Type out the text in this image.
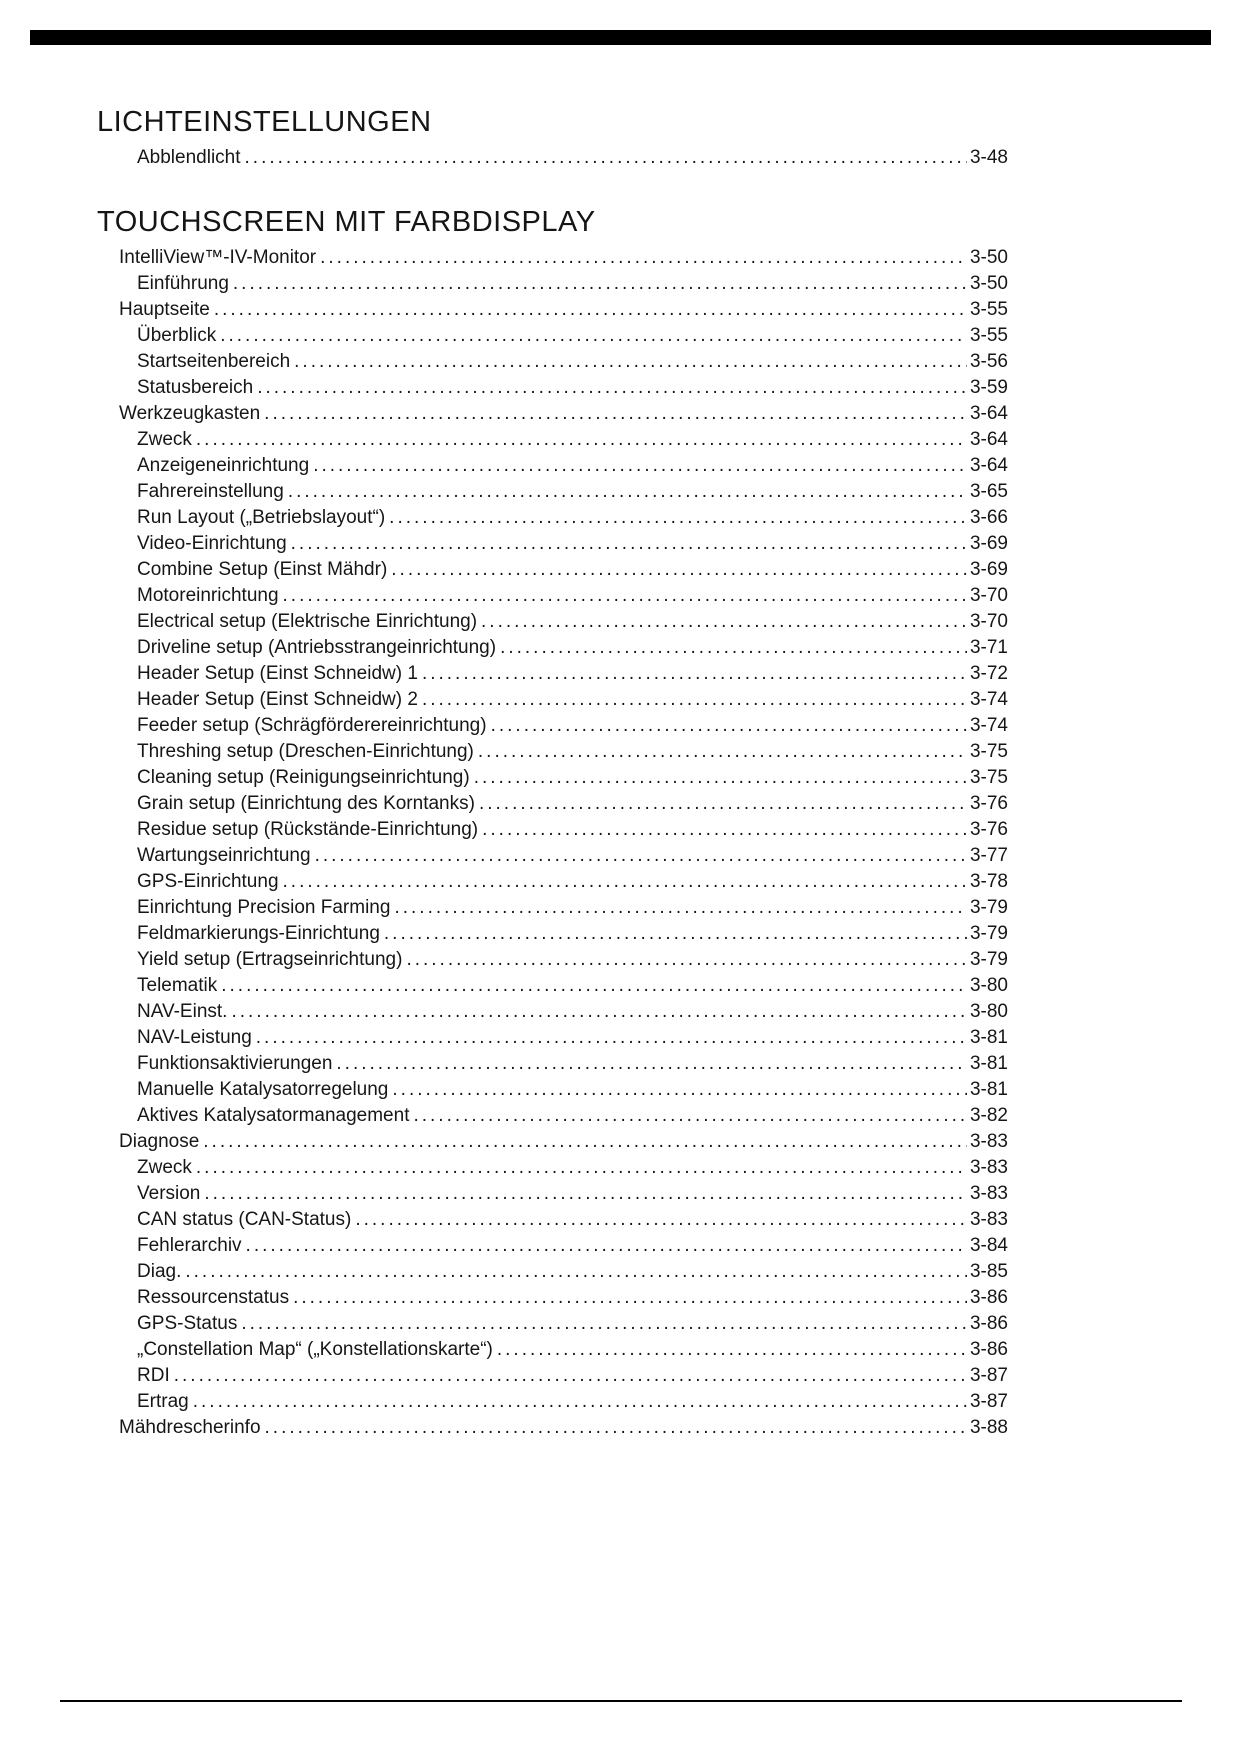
LICHTEINSTELLUNGEN
Abblendlicht .....	3-48
TOUCHSCREEN MIT FARBDISPLAY
IntelliView™-IV-Monitor .....	3-50
Einführung .....	3-50
Hauptseite .....	3-55
Überblick .....	3-55
Startseitenbereich .....	3-56
Statusbereich .....	3-59
Werkzeugkasten .....	3-64
Zweck .....	3-64
Anzeigeneinrichtung .....	3-64
Fahrereinstellung .....	3-65
Run Layout („Betriebslayout“) .....	3-66
Video-Einrichtung .....	3-69
Combine Setup (Einst Mähdr) .....	3-69
Motoreinrichtung .....	3-70
Electrical setup (Elektrische Einrichtung) .....	3-70
Driveline setup (Antriebsstrangeinrichtung) .....	3-71
Header Setup (Einst Schneidw) 1 .....	3-72
Header Setup (Einst Schneidw) 2 .....	3-74
Feeder setup (Schrägförderereinrichtung) .....	3-74
Threshing setup (Dreschen-Einrichtung) .....	3-75
Cleaning setup (Reinigungseinrichtung) .....	3-75
Grain setup (Einrichtung des Korntanks) .....	3-76
Residue setup (Rückstände-Einrichtung) .....	3-76
Wartungseinrichtung .....	3-77
GPS-Einrichtung .....	3-78
Einrichtung Precision Farming .....	3-79
Feldmarkierungs-Einrichtung .....	3-79
Yield setup (Ertragseinrichtung) .....	3-79
Telematik .....	3-80
NAV-Einst. .....	3-80
NAV-Leistung .....	3-81
Funktionsaktivierungen .....	3-81
Manuelle Katalysatorregelung .....	3-81
Aktives Katalysatormanagement .....	3-82
Diagnose .....	3-83
Zweck .....	3-83
Version .....	3-83
CAN status (CAN-Status) .....	3-83
Fehlerarchiv .....	3-84
Diag. .....	3-85
Ressourcenstatus .....	3-86
GPS-Status .....	3-86
„Constellation Map“ („Konstellationskarte“) .....	3-86
RDI .....	3-87
Ertrag .....	3-87
Mähdrescherinfo .....	3-88
